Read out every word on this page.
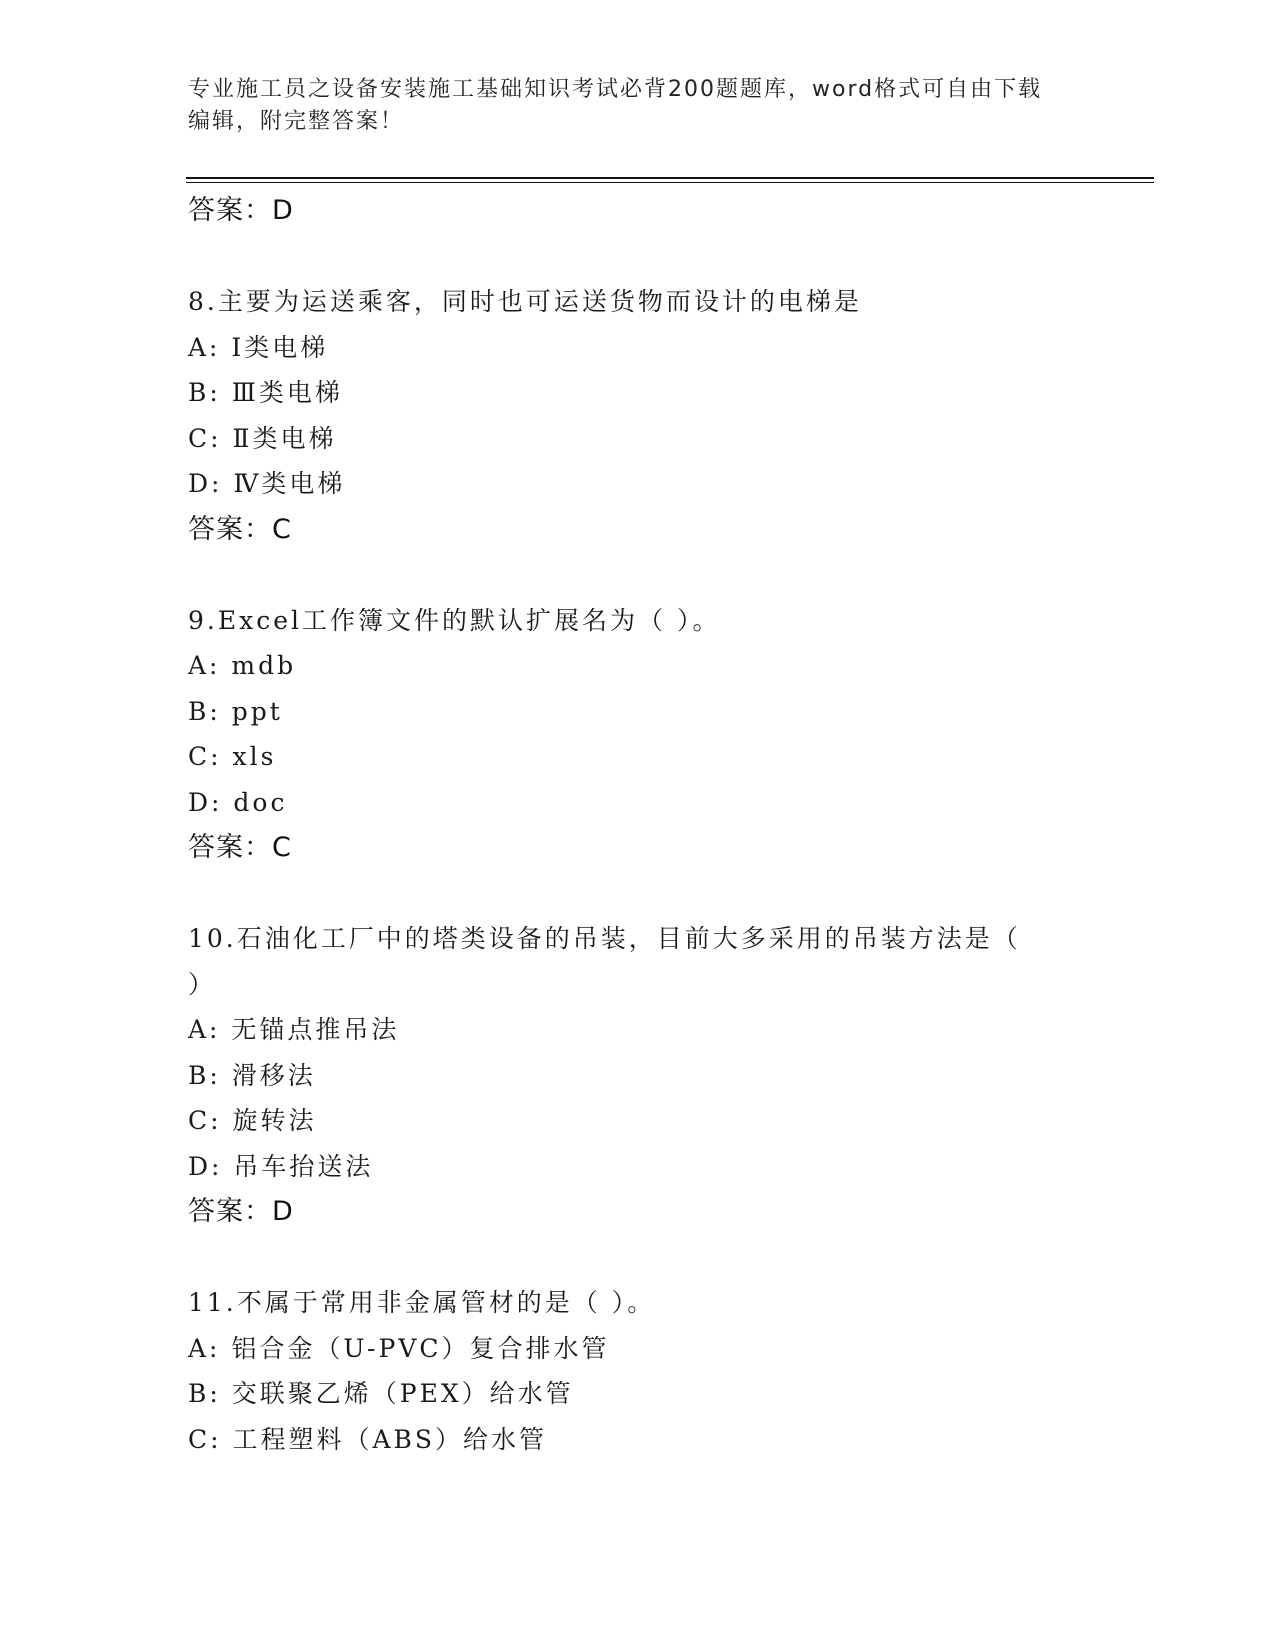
专业施工员之设备安装施工基础知识考试必背200题题库，word格式可自由下载
编辑，附完整答案！
答案：D
8.主要为运送乘客，同时也可运送货物而设计的电梯是
A: Ⅰ类电梯
B: Ⅲ类电梯
C: Ⅱ类电梯
D: Ⅳ类电梯
答案：C
9.Excel工作簿文件的默认扩展名为（ ）。
A: mdb
B: ppt
C: xls
D: doc
答案：C
10.石油化工厂中的塔类设备的吊装，目前大多采用的吊装方法是（
）
A: 无锚点推吊法
B: 滑移法
C: 旋转法
D: 吊车抬送法
答案：D
11.不属于常用非金属管材的是（ ）。
A: 铝合金（U-PVC）复合排水管
B: 交联聚乙烯（PEX）给水管
C: 工程塑料（ABS）给水管
